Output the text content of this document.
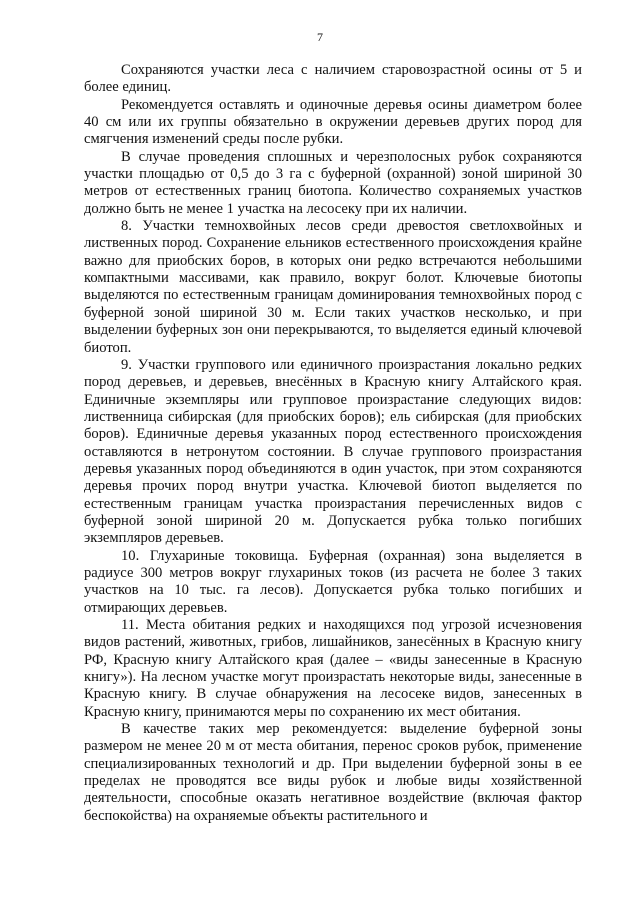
7

Сохраняются участки леса с наличием старовозрастной осины от 5 и более единиц.

Рекомендуется оставлять и одиночные деревья осины диаметром более 40 см или их группы обязательно в окружении деревьев других пород для смягчения изменений среды после рубки.

В случае проведения сплошных и черезполосных рубок сохраняются участки площадью от 0,5 до 3 га с буферной (охранной) зоной шириной 30 метров от естественных границ биотопа. Количество сохраняемых участков должно быть не менее 1 участка на лесосеку при их наличии.

8. Участки темнохвойных лесов среди древостоя светлохвойных и лиственных пород. Сохранение ельников естественного происхождения крайне важно для приобских боров, в которых они редко встречаются небольшими компактными массивами, как правило, вокруг болот. Ключевые биотопы выделяются по естественным границам доминирования темнохвойных пород с буферной зоной шириной 30 м. Если таких участков несколько, и при выделении буферных зон они перекрываются, то выделяется единый ключевой биотоп.

9. Участки группового или единичного произрастания локально редких пород деревьев, и деревьев, внесённых в Красную книгу Алтайского края. Единичные экземпляры или групповое произрастание следующих видов: лиственница сибирская (для приобских боров); ель сибирская (для приобских боров). Единичные деревья указанных пород естественного происхождения оставляются в нетронутом состоянии. В случае группового произрастания деревья указанных пород объединяются в один участок, при этом сохраняются деревья прочих пород внутри участка. Ключевой биотоп выделяется по естественным границам участка произрастания перечисленных видов с буферной зоной шириной 20 м. Допускается рубка только погибших экземпляров деревьев.

10. Глухариные токовища. Буферная (охранная) зона выделяется в радиусе 300 метров вокруг глухариных токов (из расчета не более 3 таких участков на 10 тыс. га лесов). Допускается рубка только погибших и отмирающих деревьев.

11. Места обитания редких и находящихся под угрозой исчезновения видов растений, животных, грибов, лишайников, занесённых в Красную книгу РФ, Красную книгу Алтайского края (далее – «виды занесенные в Красную книгу»). На лесном участке могут произрастать некоторые виды, занесенные в Красную книгу. В случае обнаружения на лесосеке видов, занесенных в Красную книгу, принимаются меры по сохранению их мест обитания.

В качестве таких мер рекомендуется: выделение буферной зоны размером не менее 20 м от места обитания, перенос сроков рубок, применение специализированных технологий и др. При выделении буферной зоны в ее пределах не проводятся все виды рубок и любые виды хозяйственной деятельности, способные оказать негативное воздействие (включая фактор беспокойства) на охраняемые объекты растительного и
